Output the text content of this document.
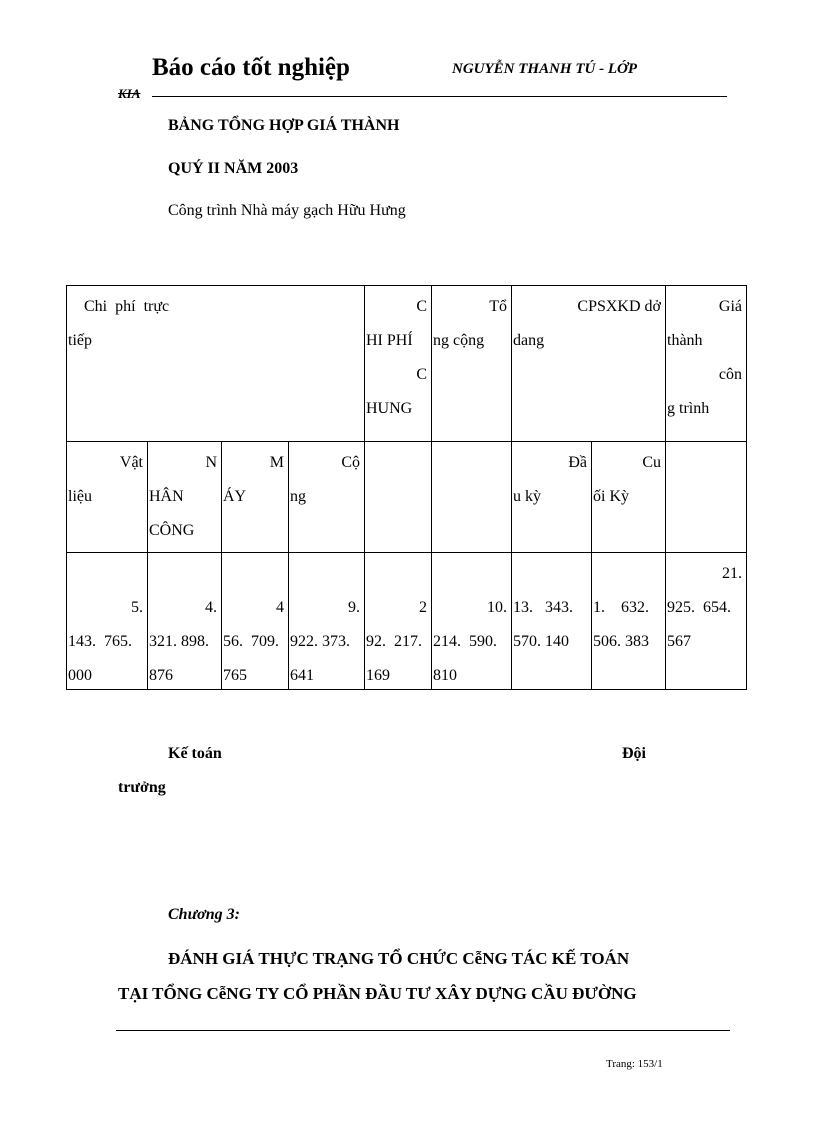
Báo cáo tốt nghiệp	NGUYỄN THANH TÚ - LỚP
KIA
BẢNG TỔNG HỢP GIÁ THÀNH
QUÝ II NĂM 2003
Công trình Nhà máy gạch Hữu Hưng
Chi  phí  trực
tiếp
C
HI PHÍ
C
HUNG
Tổ
ng cộng
CPSXKD dở
dang
Giá
thành
côn
g trình
Vật
liệu
N
HÂN
CÔNG
M
ÁY
Cộ
ng
Đầ
u kỳ
Cu
ối Kỳ
5.
143.  765.
000
4.
321. 898.
876
4
56.  709.
765
9.
922. 373.
641
2
92.  217.
169
10.
214.  590.
810
13.   343.
570. 140
1.    632.
506. 383
21.
925.  654.
567
Kế toán	Đội
trưởng
Chương 3:
ĐÁNH GIÁ THỰC TRẠNG TỔ CHỨC CễNG TÁC KẾ TOÁN
TẠI TỔNG CễNG TY CỔ PHẦN ĐẦU TƯ XÂY DỰNG CẦU ĐƯỜNG
Trang: 153/1
